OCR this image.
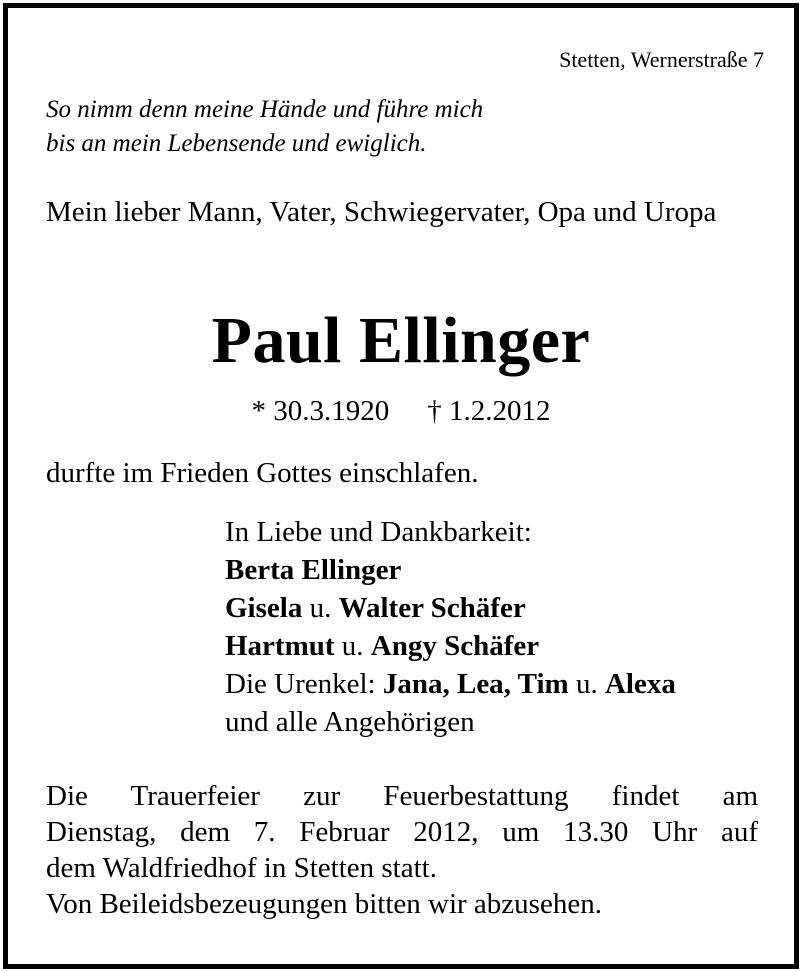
Stetten, Wernerstraße 7
So nimm denn meine Hände und führe mich
bis an mein Lebensende und ewiglich.
Mein lieber Mann, Vater, Schwiegervater, Opa und Uropa
Paul Ellinger
* 30.3.1920 † 1.2.2012
durfte im Frieden Gottes einschlafen.
In Liebe und Dankbarkeit:
Berta Ellinger
Gisela u. Walter Schäfer
Hartmut u. Angy Schäfer
Die Urenkel: Jana, Lea, Tim u. Alexa
und alle Angehörigen
Die Trauerfeier zur Feuerbestattung findet am
Dienstag, dem 7. Februar 2012, um 13.30 Uhr auf
dem Waldfriedhof in Stetten statt.
Von Beileidsbezeugungen bitten wir abzusehen.
